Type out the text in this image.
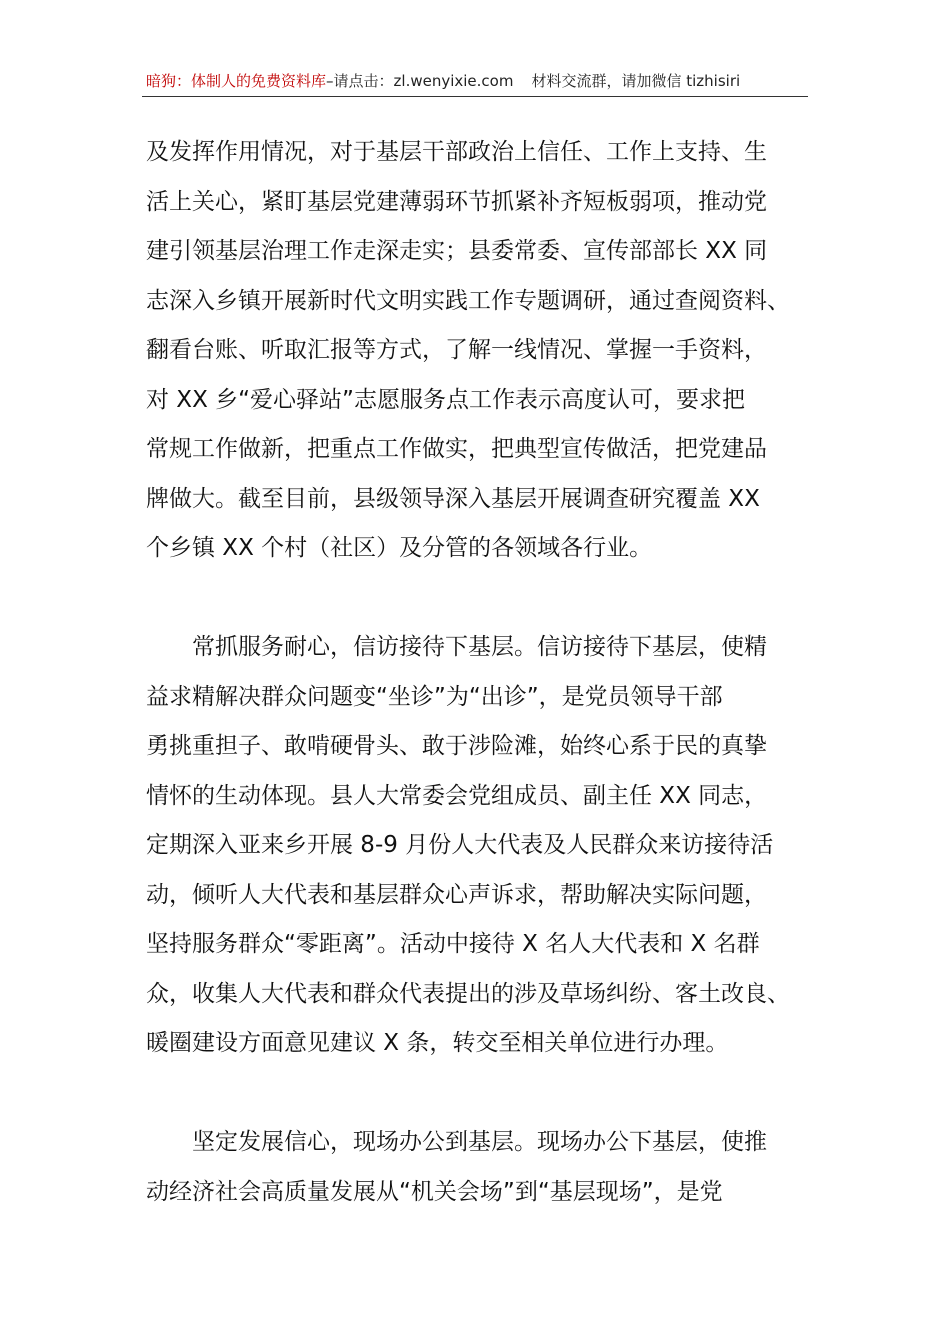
暗狗：体制人的免费资料库–请点击：zl.wenyixie.com 材料交流群，请加微信 tizhisiri
及发挥作用情况，对于基层干部政治上信任、工作上支持、生
活上关心，紧盯基层党建薄弱环节抓紧补齐短板弱项，推动党
建引领基层治理工作走深走实；县委常委、宣传部部长 XX 同
志深入乡镇开展新时代文明实践工作专题调研，通过查阅资料、
翻看台账、听取汇报等方式，了解一线情况、掌握一手资料，
对 XX 乡“爱心驿站”志愿服务点工作表示高度认可，要求把
常规工作做新，把重点工作做实，把典型宣传做活，把党建品
牌做大。截至目前，县级领导深入基层开展调查研究覆盖 XX
个乡镇 XX 个村（社区）及分管的各领域各行业。
常抓服务耐心，信访接待下基层。信访接待下基层，使精
益求精解决群众问题变“坐诊”为“出诊”，是党员领导干部
勇挑重担子、敢啃硬骨头、敢于涉险滩，始终心系于民的真挚
情怀的生动体现。县人大常委会党组成员、副主任 XX 同志，
定期深入亚来乡开展 8-9 月份人大代表及人民群众来访接待活
动，倾听人大代表和基层群众心声诉求，帮助解决实际问题，
坚持服务群众“零距离”。活动中接待 X 名人大代表和 X 名群
众，收集人大代表和群众代表提出的涉及草场纠纷、客土改良、
暖圈建设方面意见建议 X 条，转交至相关单位进行办理。
坚定发展信心，现场办公到基层。现场办公下基层，使推
动经济社会高质量发展从“机关会场”到“基层现场”，是党
